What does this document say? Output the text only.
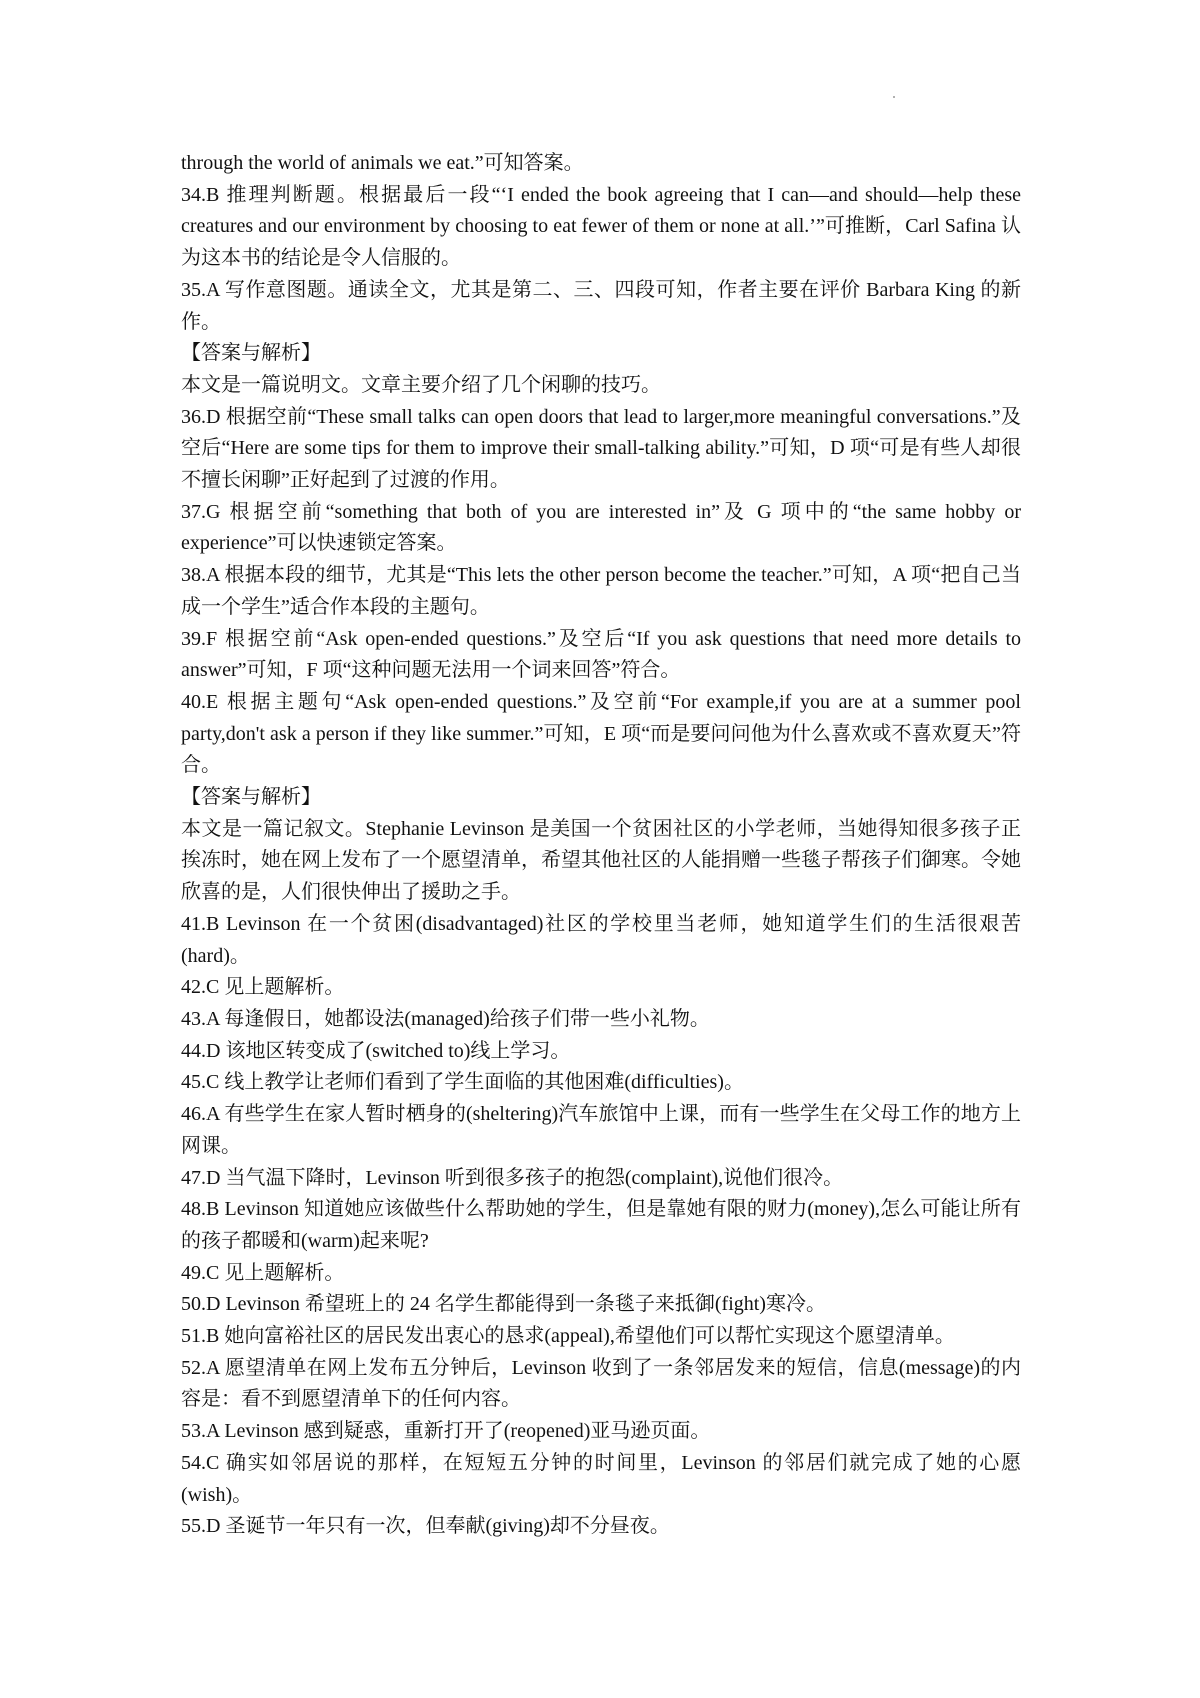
through the world of animals we eat.”可知答案。

34.B 推理判断题。根据最后一段“‘I ended the book agreeing that I can—and should—help these creatures and our environment by choosing to eat fewer of them or none at all.’”可推断，Carl Safina 认为这本书的结论是令人信服的。

35.A 写作意图题。通读全文，尤其是第二、三、四段可知，作者主要在评价 Barbara King 的新作。

【答案与解析】

本文是一篇说明文。文章主要介绍了几个闲聊的技巧。

36.D 根据空前“These small talks can open doors that lead to larger,more meaningful conversations.”及空后“Here are some tips for them to improve their small-talking ability.”可知，D 项“可是有些人却很不擅长闲聊”正好起到了过渡的作用。

37.G 根据空前“something that both of you are interested in”及 G 项中的“the same hobby or experience”可以快速锁定答案。

38.A 根据本段的细节，尤其是“This lets the other person become the teacher.”可知，A 项“把自己当成一个学生”适合作本段的主题句。

39.F 根据空前“Ask open-ended questions.”及空后“If you ask questions that need more details to answer”可知，F 项“这种问题无法用一个词来回答”符合。

40.E 根据主题句“Ask open-ended questions.”及空前“For example,if you are at a summer pool party,don't ask a person if they like summer.”可知，E 项“而是要问问他为什么喜欢或不喜欢夏天”符合。

【答案与解析】

本文是一篇记叙文。Stephanie Levinson 是美国一个贫困社区的小学老师，当她得知很多孩子正挨冻时，她在网上发布了一个愿望清单，希望其他社区的人能捐赠一些毯子帮孩子们御寒。令她欣喜的是，人们很快伸出了援助之手。

41.B Levinson 在一个贫困(disadvantaged)社区的学校里当老师，她知道学生们的生活很艰苦(hard)。

42.C 见上题解析。

43.A 每逢假日，她都设法(managed)给孩子们带一些小礼物。

44.D 该地区转变成了(switched to)线上学习。

45.C 线上教学让老师们看到了学生面临的其他困难(difficulties)。

46.A 有些学生在家人暂时栖身的(sheltering)汽车旅馆中上课，而有一些学生在父母工作的地方上网课。

47.D 当气温下降时，Levinson 听到很多孩子的抱怨(complaint),说他们很冷。

48.B Levinson 知道她应该做些什么帮助她的学生，但是靠她有限的财力(money),怎么可能让所有的孩子都暖和(warm)起来呢?

49.C 见上题解析。

50.D Levinson 希望班上的 24 名学生都能得到一条毯子来抵御(fight)寒冷。

51.B 她向富裕社区的居民发出衷心的恳求(appeal),希望他们可以帮忙实现这个愿望清单。

52.A 愿望清单在网上发布五分钟后，Levinson 收到了一条邻居发来的短信，信息(message)的内容是：看不到愿望清单下的任何内容。

53.A Levinson 感到疑惑，重新打开了(reopened)亚马逊页面。

54.C 确实如邻居说的那样，在短短五分钟的时间里，Levinson 的邻居们就完成了她的心愿(wish)。

55.D 圣诞节一年只有一次，但奉献(giving)却不分昼夜。
